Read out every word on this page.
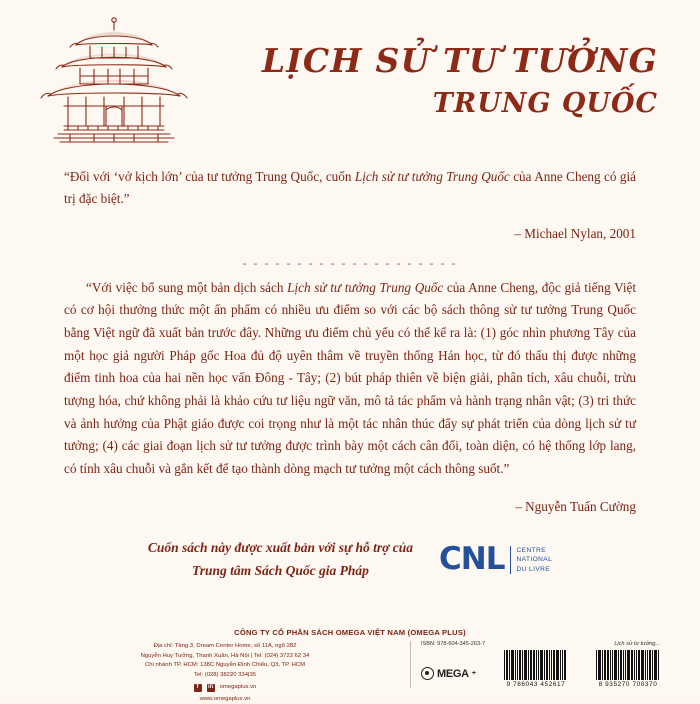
LỊCH SỬ TƯ TƯỞNG
TRUNG QUỐC
“Đối với ‘vở kịch lớn’ của tư tưởng Trung Quốc, cuốn Lịch sử tư tưởng Trung Quốc của Anne Cheng có giá trị đặc biệt.”
– Michael Nylan, 2001
- - - - - - - - - - - - - - - - - - - -
“Với việc bổ sung một bản dịch sách Lịch sử tư tưởng Trung Quốc của Anne Cheng, độc giả tiếng Việt có cơ hội thưởng thức một ấn phẩm có nhiều ưu điểm so với các bộ sách thông sử tư tưởng Trung Quốc bằng Việt ngữ đã xuất bản trước đây. Những ưu điểm chủ yếu có thể kể ra là: (1) góc nhìn phương Tây của một học giả người Pháp gốc Hoa đủ độ uyên thâm về truyền thống Hán học, từ đó thấu thị được những điểm tinh hoa của hai nền học vấn Đông - Tây; (2) bút pháp thiên về biện giải, phân tích, xâu chuỗi, trừu tượng hóa, chứ không phải là khảo cứu tư liệu ngữ văn, mô tả tác phẩm và hành trạng nhân vật; (3) tri thức và ảnh hưởng của Phật giáo được coi trọng như là một tác nhân thúc đẩy sự phát triển của dòng lịch sử tư tưởng; (4) các giai đoạn lịch sử tư tưởng được trình bày một cách cân đối, toàn diện, có hệ thống lớp lang, có tính xâu chuỗi và gắn kết để tạo thành dòng mạch tư tưởng một cách thông suốt.”
– Nguyễn Tuấn Cường
Cuốn sách này được xuất bản với sự hỗ trợ của
Trung tâm Sách Quốc gia Pháp	CNL	CENTRE
NATIONAL
DU LIVRE
CÔNG TY CỔ PHẦN SÁCH OMEGA VIỆT NAM (OMEGA PLUS)
Địa chỉ: Tầng 3, Dream Center Home, số 11A, ngõ 282
Nguyễn Huy Tưởng, Thanh Xuân, Hà Nội | Tel: (024) 3722 62 34
Chi nhánh TP. HCM: 138C Nguyễn Đình Chiểu, Q3, TP. HCM
Tel: (028) 38220 334|35
f	in omegaplus.vn
www.omegaplus.vn
ISBN: 978-604-345-263-7	Lịch sử tư tưởng...
MEGA +
9 786043 452617	8 935270 700370
